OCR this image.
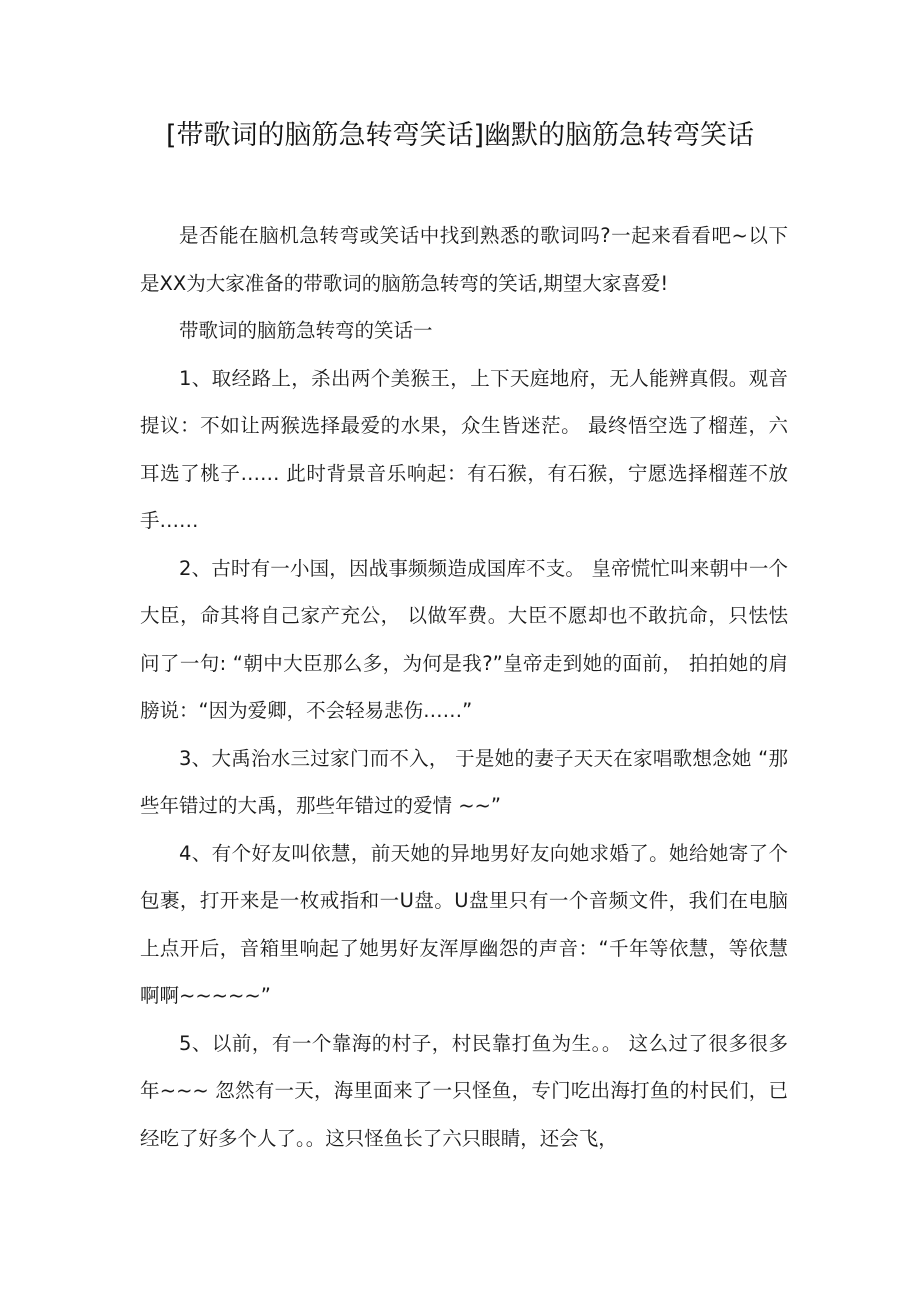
[带歌词的脑筋急转弯笑话]幽默的脑筋急转弯笑话

是否能在脑机急转弯或笑话中找到熟悉的歌词吗?一起来看看吧~以下是XX为大家准备的带歌词的脑筋急转弯的笑话,期望大家喜爱!

带歌词的脑筋急转弯的笑话一

1、取经路上，杀出两个美猴王，上下天庭地府，无人能辨真假。观音提议：不如让两猴选择最爱的水果，众生皆迷茫。 最终悟空选了榴莲，六耳选了桃子…… 此时背景音乐响起：有石猴，有石猴，宁愿选择榴莲不放手……

2、古时有一小国，因战事频频造成国库不支。 皇帝慌忙叫来朝中一个大臣，命其将自己家产充公， 以做军费。大臣不愿却也不敢抗命，只怯怯问了一句: “朝中大臣那么多，为何是我?”皇帝走到她的面前， 拍拍她的肩膀说：“因为爱卿，不会轻易悲伤……”

3、大禹治水三过家门而不入， 于是她的妻子天天在家唱歌想念她 “那些年错过的大禹，那些年错过的爱情 ~~”

4、有个好友叫依慧，前天她的异地男好友向她求婚了。她给她寄了个包裹，打开来是一枚戒指和一U盘。U盘里只有一个音频文件，我们在电脑上点开后，音箱里响起了她男好友浑厚幽怨的声音：“千年等依慧，等依慧啊啊~~~~~”

5、以前，有一个靠海的村子，村民靠打鱼为生。。 这么过了很多很多年~~~ 忽然有一天，海里面来了一只怪鱼，专门吃出海打鱼的村民们，已经吃了好多个人了。。这只怪鱼长了六只眼睛，还会飞，
